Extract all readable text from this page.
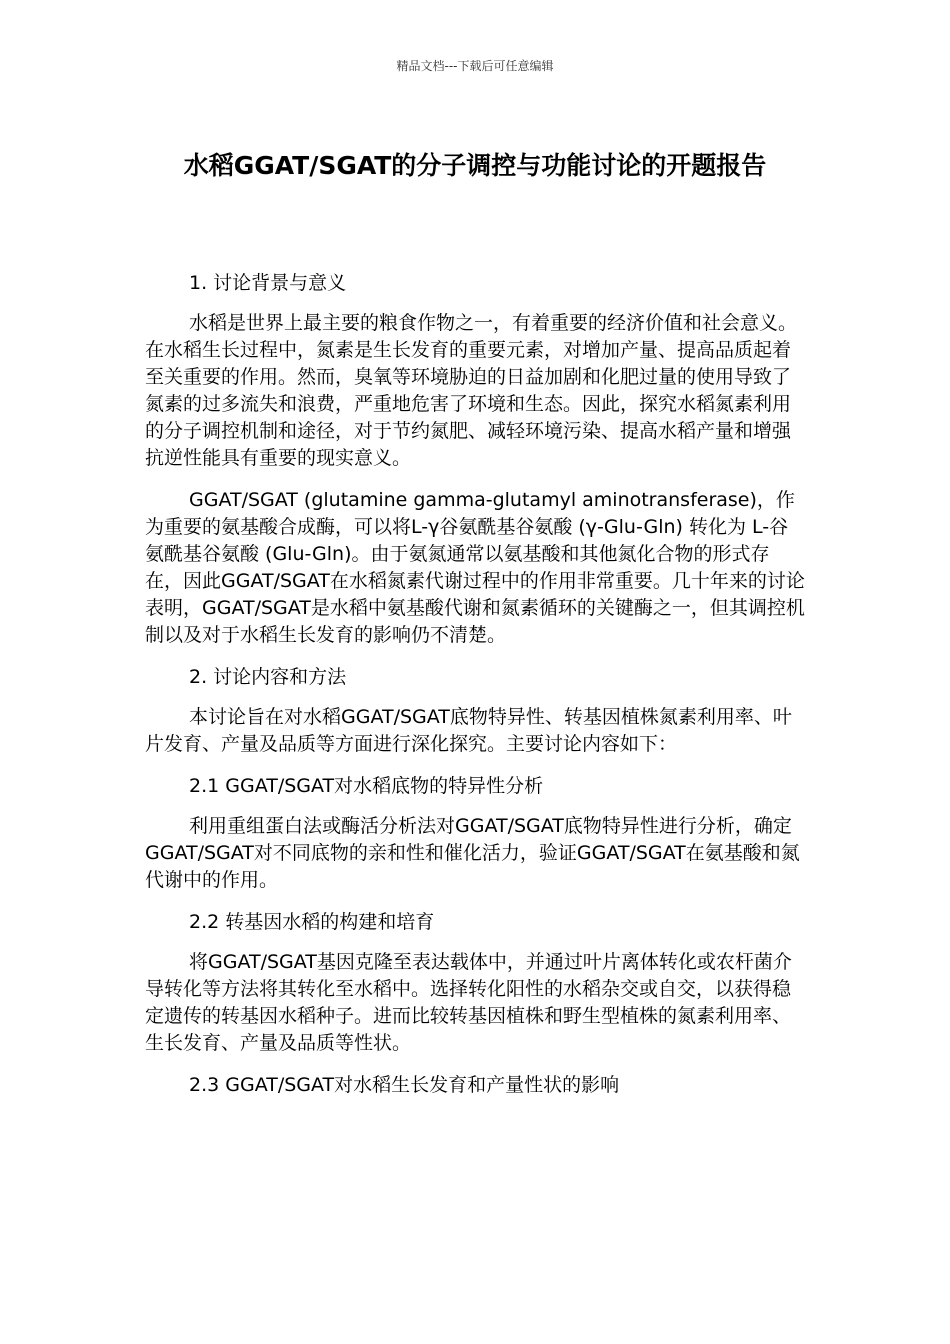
精品文档---下载后可任意编辑
水稻GGAT/SGAT的分子调控与功能讨论的开题报告

1. 讨论背景与意义

水稻是世界上最主要的粮食作物之一，有着重要的经济价值和社会意义。在水稻生长过程中，氮素是生长发育的重要元素，对增加产量、提高品质起着至关重要的作用。然而，臭氧等环境胁迫的日益加剧和化肥过量的使用导致了氮素的过多流失和浪费，严重地危害了环境和生态。因此，探究水稻氮素利用的分子调控机制和途径，对于节约氮肥、减轻环境污染、提高水稻产量和增强抗逆性能具有重要的现实意义。

GGAT/SGAT (glutamine gamma-glutamyl aminotransferase)，作为重要的氨基酸合成酶，可以将L-γ谷氨酰基谷氨酸 (γ-Glu-Gln) 转化为 L-谷氨酰基谷氨酸 (Glu-Gln)。由于氨氮通常以氨基酸和其他氮化合物的形式存在，因此GGAT/SGAT在水稻氮素代谢过程中的作用非常重要。几十年来的讨论表明，GGAT/SGAT是水稻中氨基酸代谢和氮素循环的关键酶之一，但其调控机制以及对于水稻生长发育的影响仍不清楚。

2. 讨论内容和方法

本讨论旨在对水稻GGAT/SGAT底物特异性、转基因植株氮素利用率、叶片发育、产量及品质等方面进行深化探究。主要讨论内容如下：

2.1 GGAT/SGAT对水稻底物的特异性分析

利用重组蛋白法或酶活分析法对GGAT/SGAT底物特异性进行分析，确定GGAT/SGAT对不同底物的亲和性和催化活力，验证GGAT/SGAT在氨基酸和氮代谢中的作用。

2.2 转基因水稻的构建和培育

将GGAT/SGAT基因克隆至表达载体中，并通过叶片离体转化或农杆菌介导转化等方法将其转化至水稻中。选择转化阳性的水稻杂交或自交，以获得稳定遗传的转基因水稻种子。进而比较转基因植株和野生型植株的氮素利用率、生长发育、产量及品质等性状。

2.3 GGAT/SGAT对水稻生长发育和产量性状的影响
